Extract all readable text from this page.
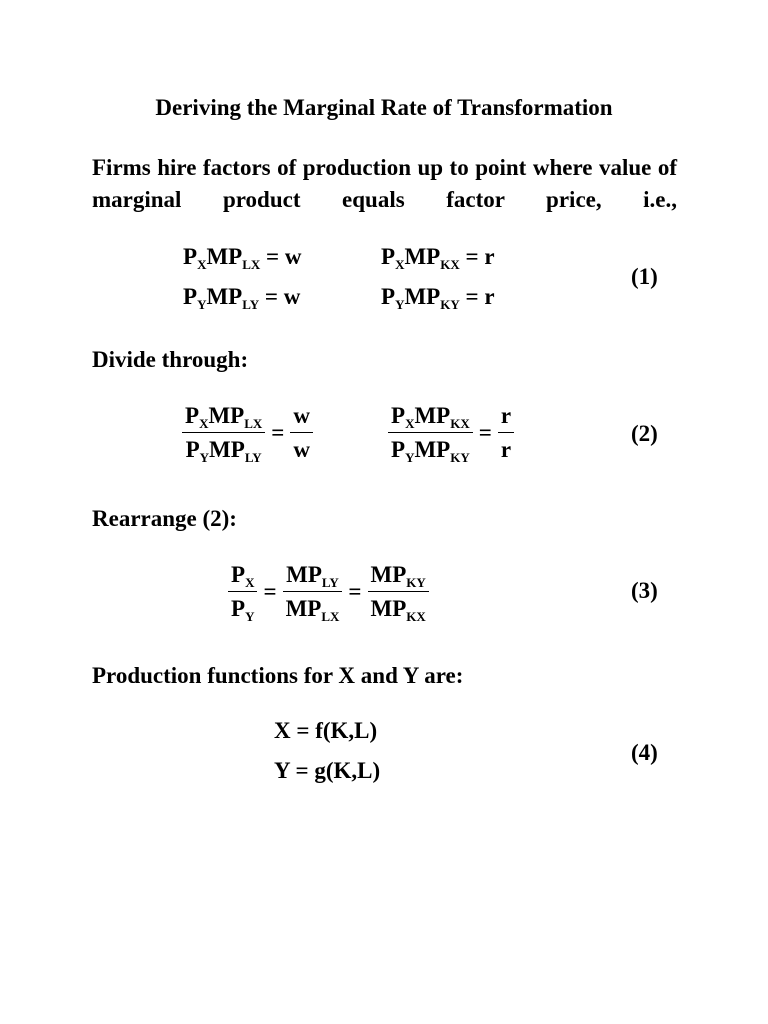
Deriving the Marginal Rate of Transformation
Firms hire factors of production up to point where value of marginal product equals factor price, i.e.,
$P_XMP_{LX} = w$	$P_XMP_{KX} = r$
$P_YMP_{LY} = w$	$P_YMP_{KY} = r$
(1)
Divide through:
$\frac{P_XMP_{LX}}{P_YMP_{LY}} = \frac{w}{w}$	$\frac{P_XMP_{KX}}{P_YMP_{KY}} = \frac{r}{r}$	(2)
Rearrange (2):
$\frac{P_X}{P_Y} = \frac{MP_{LY}}{MP_{LX}} = \frac{MP_{KY}}{MP_{KX}}$	(3)
Production functions for X and Y are:
X = f(K,L)
Y = g(K,L)
(4)
